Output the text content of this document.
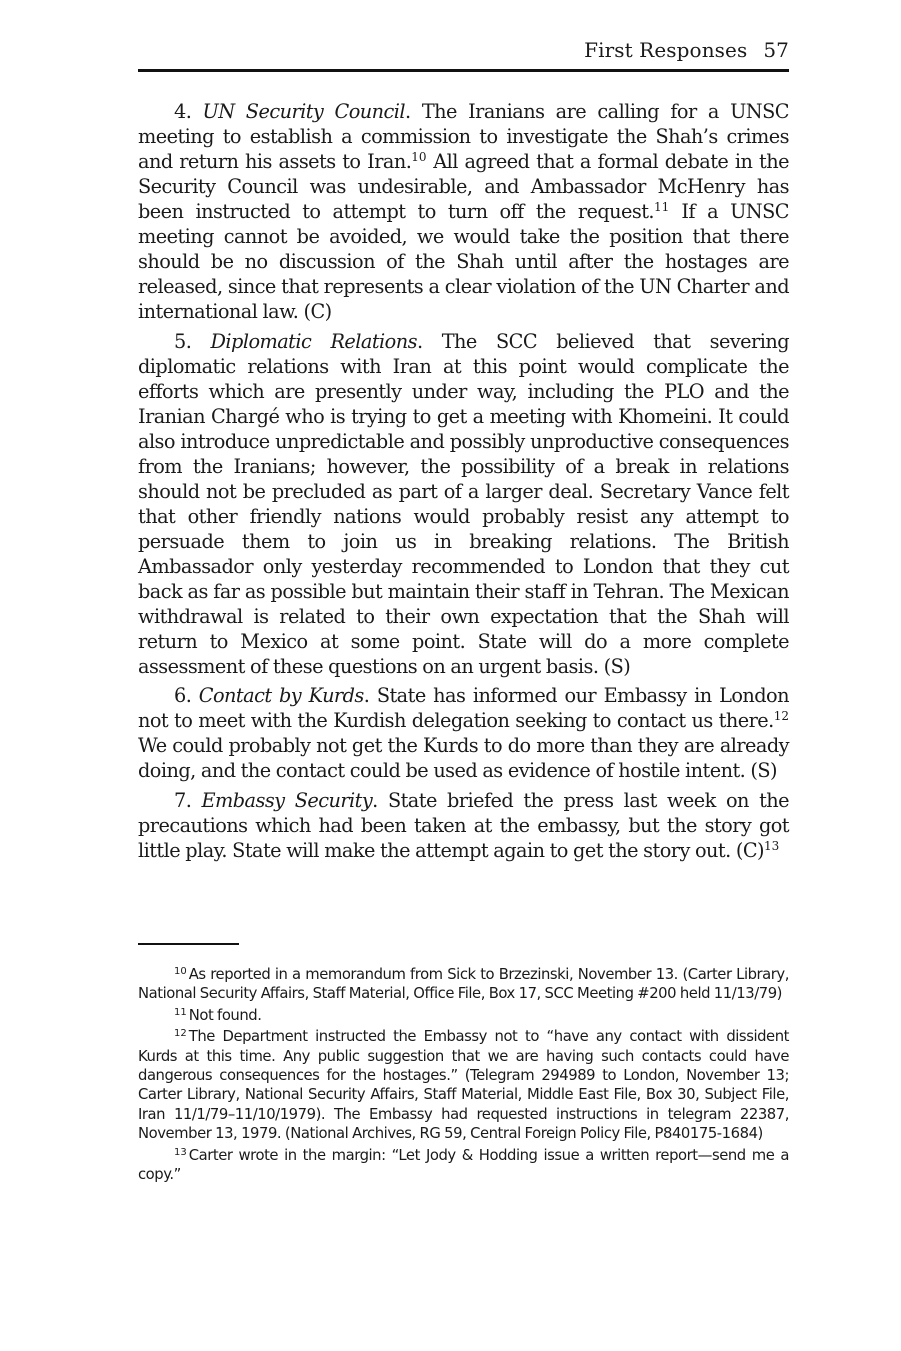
First Responses 57

4. UN Security Council. The Iranians are calling for a UNSC meeting to establish a commission to investigate the Shah’s crimes and return his assets to Iran.$^{10}$ All agreed that a formal debate in the Security Council was undesirable, and Ambassador McHenry has been instructed to attempt to turn off the request.$^{11}$ If a UNSC meeting cannot be avoided, we would take the position that there should be no discussion of the Shah until after the hostages are released, since that represents a clear violation of the UN Charter and international law. (C)

5. Diplomatic Relations. The SCC believed that severing diplomatic relations with Iran at this point would complicate the efforts which are presently under way, including the PLO and the Iranian Chargé who is trying to get a meeting with Khomeini. It could also introduce unpredictable and possibly unproductive consequences from the Iranians; however, the possibility of a break in relations should not be precluded as part of a larger deal. Secretary Vance felt that other friendly nations would probably resist any attempt to persuade them to join us in breaking relations. The British Ambassador only yesterday recommended to London that they cut back as far as possible but maintain their staff in Tehran. The Mexican withdrawal is related to their own expectation that the Shah will return to Mexico at some point. State will do a more complete assessment of these questions on an urgent basis. (S)

6. Contact by Kurds. State has informed our Embassy in London not to meet with the Kurdish delegation seeking to contact us there.$^{12}$ We could probably not get the Kurds to do more than they are already doing, and the contact could be used as evidence of hostile intent. (S)

7. Embassy Security. State briefed the press last week on the precautions which had been taken at the embassy, but the story got little play. State will make the attempt again to get the story out. (C)$^{13}$

$^{10}$ As reported in a memorandum from Sick to Brzezinski, November 13. (Carter Library, National Security Affairs, Staff Material, Office File, Box 17, SCC Meeting #200 held 11/13/79)

$^{11}$ Not found.

$^{12}$ The Department instructed the Embassy not to “have any contact with dissident Kurds at this time. Any public suggestion that we are having such contacts could have dangerous consequences for the hostages.” (Telegram 294989 to London, November 13; Carter Library, National Security Affairs, Staff Material, Middle East File, Box 30, Subject File, Iran 11/1/79–11/10/1979). The Embassy had requested instructions in telegram 22387, November 13, 1979. (National Archives, RG 59, Central Foreign Policy File, P840175-1684)

$^{13}$ Carter wrote in the margin: “Let Jody & Hodding issue a written report—send me a copy.”
